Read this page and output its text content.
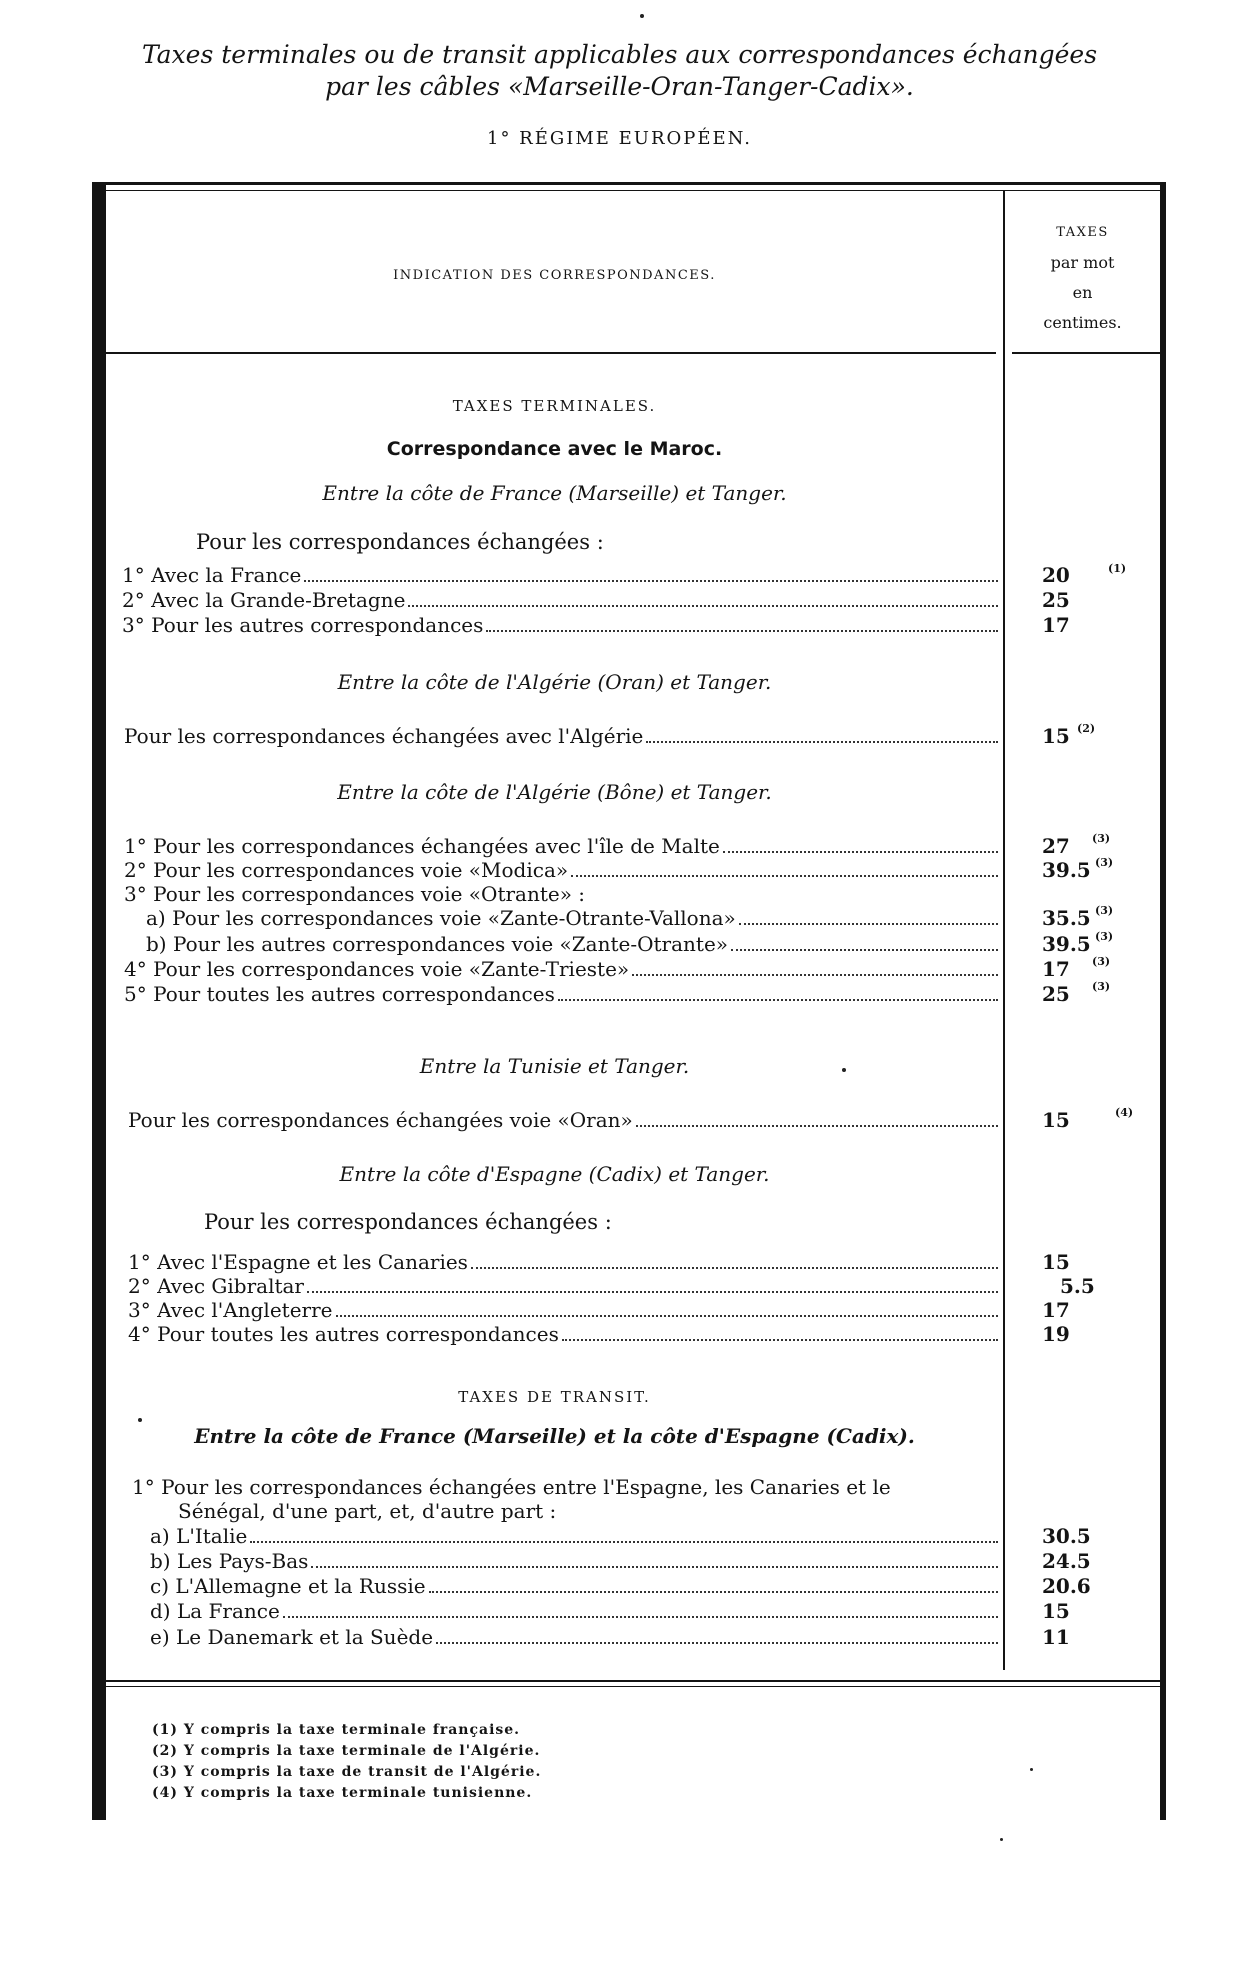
Taxes terminales ou de transit applicables aux correspondances échangées
par les câbles «Marseille-Oran-Tanger-Cadix».
1° RÉGIME EUROPÉEN.
INDICATION DES CORRESPONDANCES.
TAXES
par mot
en
centimes.
TAXES TERMINALES.
Correspondance avec le Maroc.
Entre la côte de France (Marseille) et Tanger.
Pour les correspondances échangées :
1° Avec la France	20	(1)
2° Avec la Grande-Bretagne	25
3° Pour les autres correspondances	17
Entre la côte de l'Algérie (Oran) et Tanger.
Pour les correspondances échangées avec l'Algérie	15 (2)
Entre la côte de l'Algérie (Bône) et Tanger.
1° Pour les correspondances échangées avec l'île de Malte	27 (3)
2° Pour les correspondances voie «Modica»	39.5 (3)
3° Pour les correspondances voie «Otrante» :
a) Pour les correspondances voie «Zante-Otrante-Vallona»	35.5 (3)
b) Pour les autres correspondances voie «Zante-Otrante»	39.5 (3)
4° Pour les correspondances voie «Zante-Trieste»	17 (3)
5° Pour toutes les autres correspondances	25 (3)
Entre la Tunisie et Tanger.
Pour les correspondances échangées voie «Oran»	15	(4)
Entre la côte d'Espagne (Cadix) et Tanger.
Pour les correspondances échangées :
1° Avec l'Espagne et les Canaries	15
2° Avec Gibraltar	5.5
3° Avec l'Angleterre	17
4° Pour toutes les autres correspondances	19
TAXES DE TRANSIT.
Entre la côte de France (Marseille) et la côte d'Espagne (Cadix).
1° Pour les correspondances échangées entre l'Espagne, les Canaries et le
Sénégal, d'une part, et, d'autre part :
a) L'Italie	30.5
b) Les Pays-Bas	24.5
c) L'Allemagne et la Russie	20.6
d) La France	15
e) Le Danemark et la Suède	11
(1) Y compris la taxe terminale française.
(2) Y compris la taxe terminale de l'Algérie.
(3) Y compris la taxe de transit de l'Algérie.
(4) Y compris la taxe terminale tunisienne.
